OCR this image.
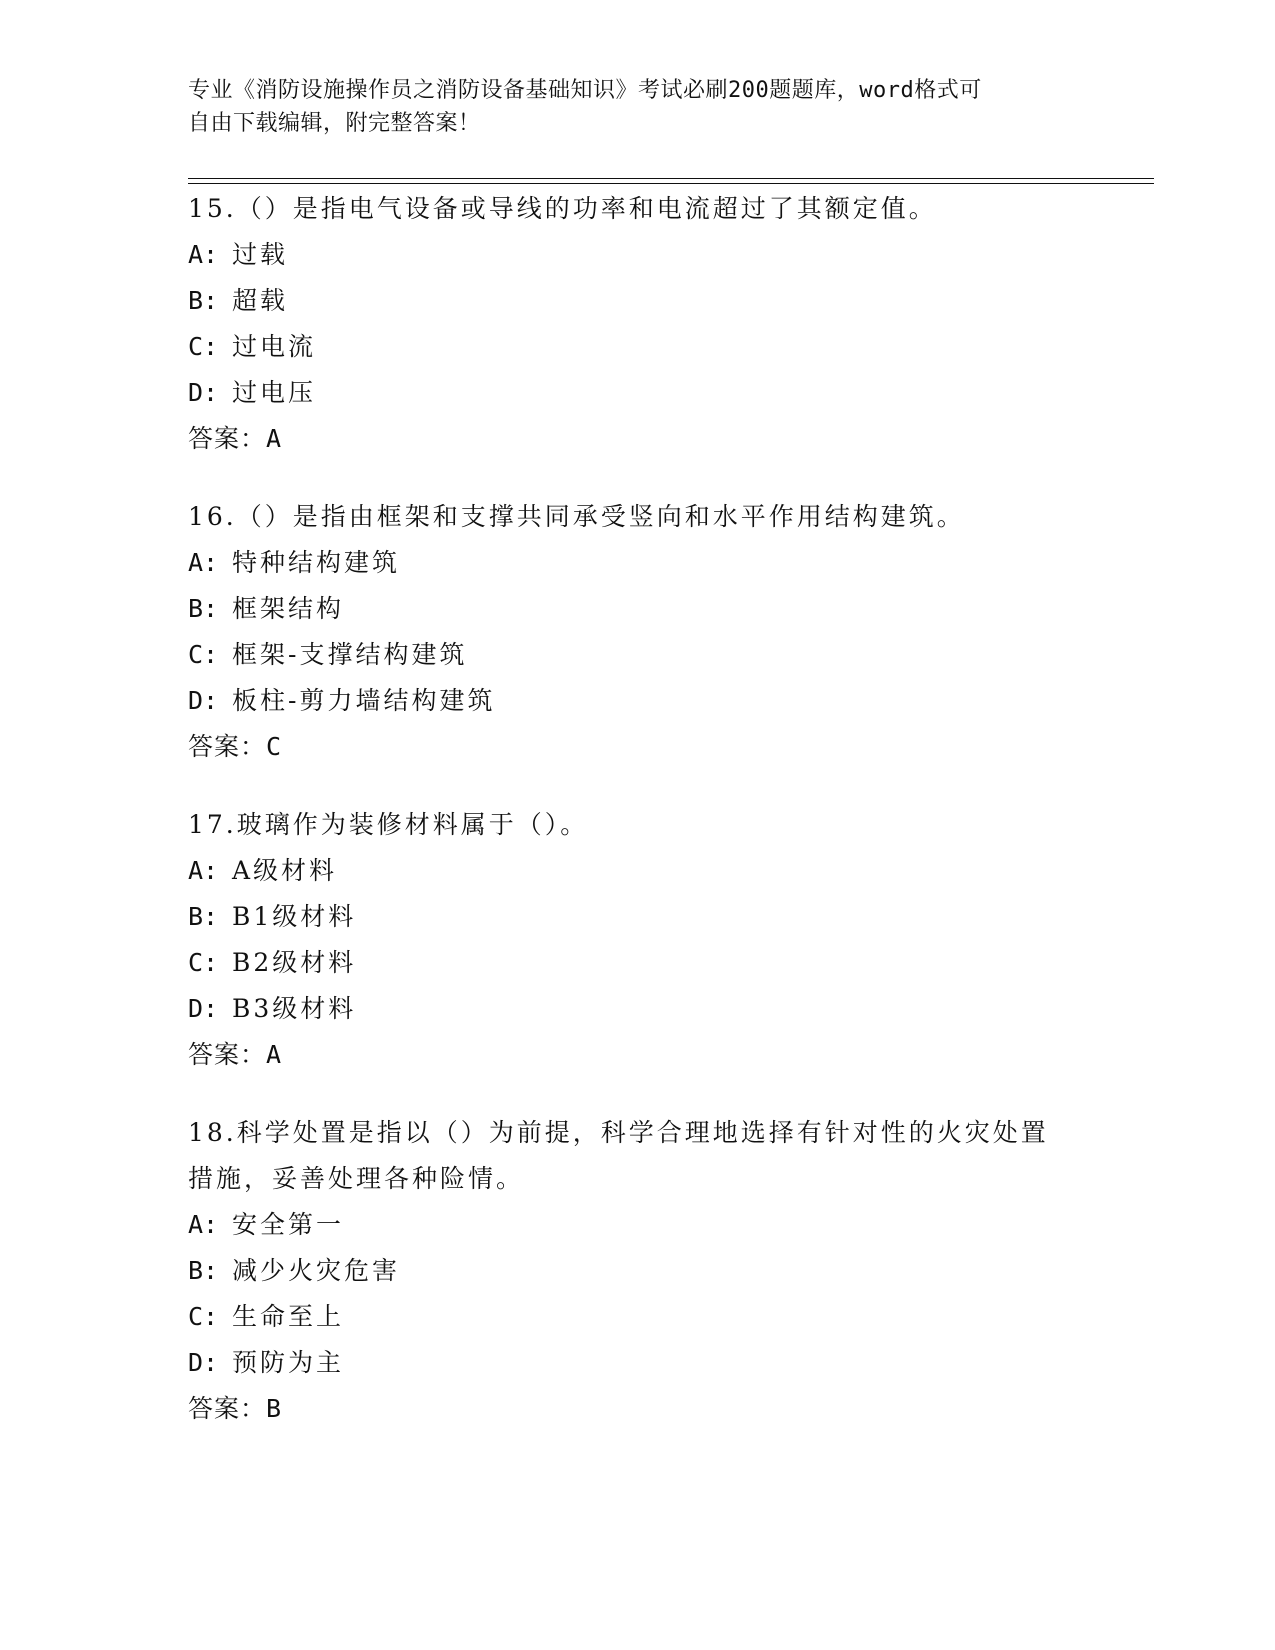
专业《消防设施操作员之消防设备基础知识》考试必刷200题题库，word格式可
自由下载编辑，附完整答案！
15.（）是指电气设备或导线的功率和电流超过了其额定值。
A: 过载
B: 超载
C: 过电流
D: 过电压
答案：A
16.（）是指由框架和支撑共同承受竖向和水平作用结构建筑。
A: 特种结构建筑
B: 框架结构
C: 框架-支撑结构建筑
D: 板柱-剪力墙结构建筑
答案：C
17.玻璃作为装修材料属于（）。
A: A级材料
B: B1级材料
C: B2级材料
D: B3级材料
答案：A
18.科学处置是指以（）为前提，科学合理地选择有针对性的火灾处置
措施，妥善处理各种险情。
A: 安全第一
B: 减少火灾危害
C: 生命至上
D: 预防为主
答案：B
